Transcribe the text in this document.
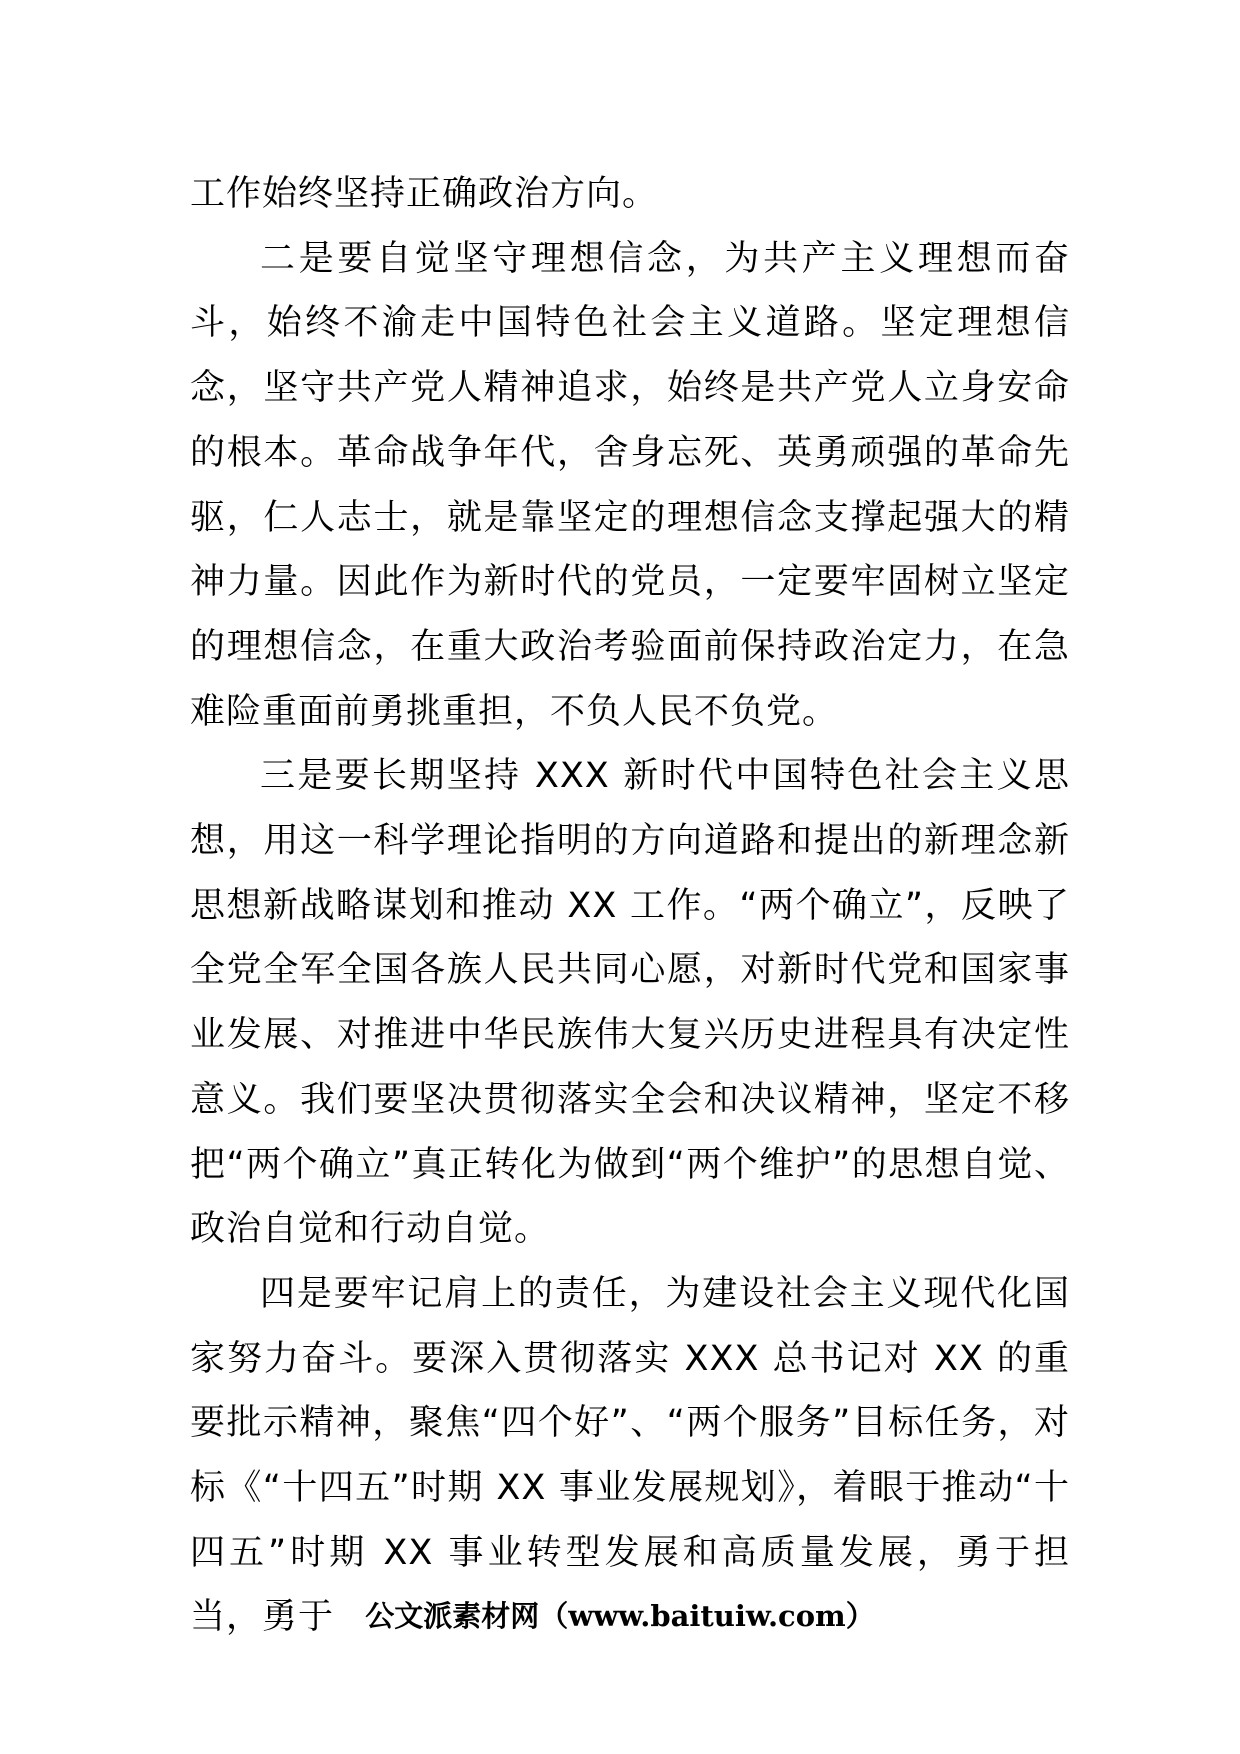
工作始终坚持正确政治方向。

二是要自觉坚守理想信念，为共产主义理想而奋斗，始终不渝走中国特色社会主义道路。坚定理想信念，坚守共产党人精神追求，始终是共产党人立身安命的根本。革命战争年代，舍身忘死、英勇顽强的革命先驱，仁人志士，就是靠坚定的理想信念支撑起强大的精神力量。因此作为新时代的党员，一定要牢固树立坚定的理想信念，在重大政治考验面前保持政治定力，在急难险重面前勇挑重担，不负人民不负党。

三是要长期坚持 XXX 新时代中国特色社会主义思想，用这一科学理论指明的方向道路和提出的新理念新思想新战略谋划和推动 XX 工作。“两个确立”，反映了全党全军全国各族人民共同心愿，对新时代党和国家事业发展、对推进中华民族伟大复兴历史进程具有决定性意义。我们要坚决贯彻落实全会和决议精神，坚定不移把“两个确立”真正转化为做到“两个维护”的思想自觉、政治自觉和行动自觉。

四是要牢记肩上的责任，为建设社会主义现代化国家努力奋斗。要深入贯彻落实 XXX 总书记对 XX 的重要批示精神，聚焦“四个好”、“两个服务”目标任务，对标《“十四五”时期 XX 事业发展规划》，着眼于推动“十四五”时期 XX 事业转型发展和高质量发展，勇于担当，勇于	公文派素材网（www.baituiw.com）
